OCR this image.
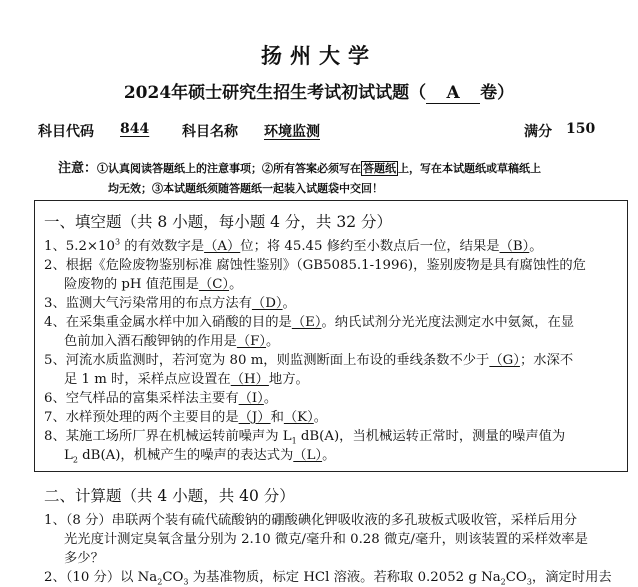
扬州大学
2024年硕士研究生招生考试初试试题（ A 卷）
科目代码 844 科目名称 环境监测	满分 150
注意：①认真阅读答题纸上的注意事项；②所有答案必须写在 答题纸 上，写在本试题纸或草稿纸上
均无效；③本试题纸须随答题纸一起装入试题袋中交回！
一、填空题（共 8 小题，每小题 4 分，共 32 分）
1、$5.2\times 10^3$ 的有效数字是（A）位；将 45.45 修约至小数点后一位，结果是（B）。
2、根据《危险废物鉴别标准 腐蚀性鉴别》（GB5085.1-1996)，鉴别废物是具有腐蚀性的危
险废物的 pH 值范围是（C）。
3、监测大气污染常用的布点方法有（D）。
4、在采集重金属水样中加入硝酸的目的是（E）。纳氏试剂分光光度法测定水中氨氮，在显
色前加入酒石酸钾钠的作用是（F）。
5、河流水质监测时，若河宽为 80 m，则监测断面上布设的垂线条数不少于（G）；水深不
足 1 m 时，采样点应设置在（H）地方。
6、空气样品的富集采样法主要有（I）。
7、水样预处理的两个主要目的是（J）和（K）。
8、某施工场所厂界在机械运转前噪声为 $L_1$ dB(A)，当机械运转正常时，测量的噪声值为
$L_2$ dB(A)，机械产生的噪声的表达式为（L）。
二、计算题（共 4 小题，共 40 分）
1、（8 分）串联两个装有硫代硫酸钠的硼酸碘化钾吸收液的多孔玻板式吸收管，采样后用分
光光度计测定臭氧含量分别为 2.10 微克/毫升和 0.28 微克/毫升，则该装置的采样效率是
多少？
2、（10 分）以 $Na_2CO_3$ 为基准物质，标定 HCl 溶液。若称取 0.2052 g $Na_2CO_3$，滴定时用去
